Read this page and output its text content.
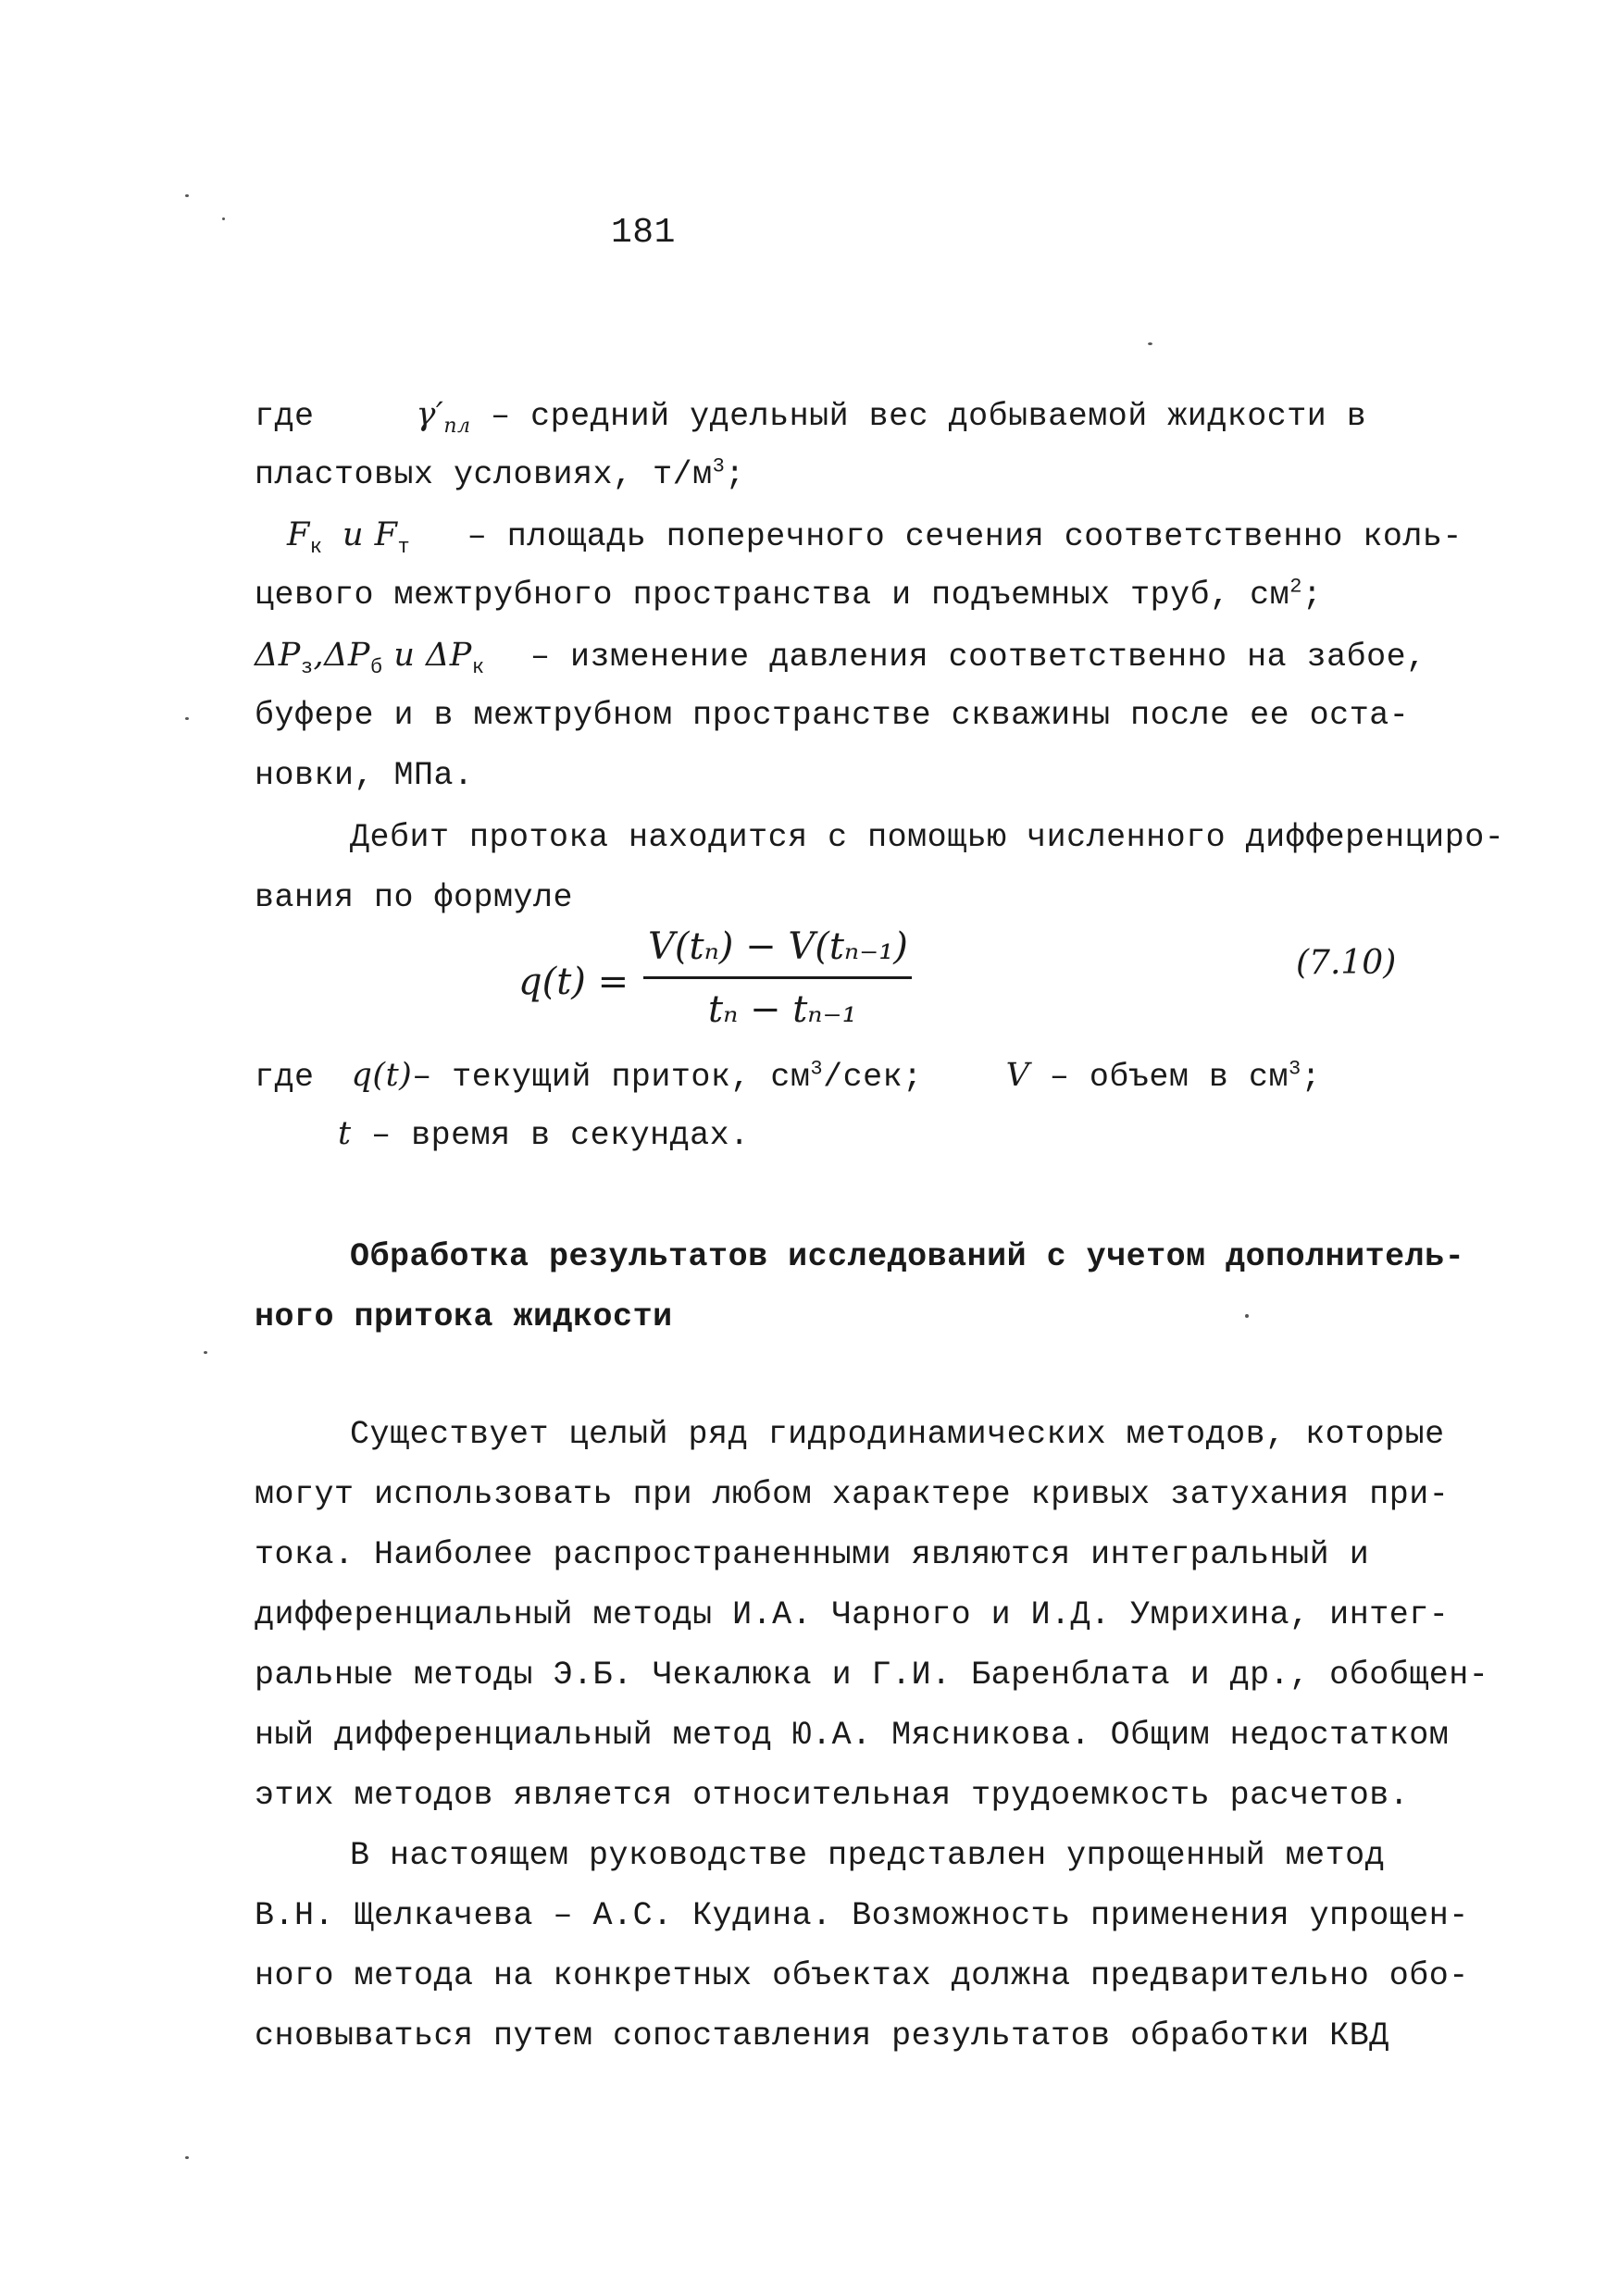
181
где	$\gamma'_{пл}$ – средний удельный вес добываемой жидкости в
пластовых условиях, $т/м^3$;
$F_к$ и $F_т$ – площадь поперечного сечения соответственно коль-
цевого межтрубного пространства и подъемных труб, $см^2$;
$\Delta P_з,\Delta P_б$ и $\Delta P_к$ – изменение давления соответственно на забое,
буфере и в межтрубном пространстве скважины после ее оста-
новки, МПа.
Дебит протока находится с помощью численного дифференциро-
вания по формуле
q(t) =
V(tₙ) − V(tₙ₋₁)
tₙ − tₙ₋₁
(7.10)
где q(t)– текущий приток, $см^3$/сек;	V – объем в $см^3$;
t – время в секундах.
Обработка результатов исследований с учетом дополнитель-
ного притока жидкости
Существует целый ряд гидродинамических методов, которые
могут использовать при любом характере кривых затухания при-
тока. Наиболее распространенными являются интегральный и
дифференциальный методы И.А. Чарного и И.Д. Умрихина, интег-
ральные методы Э.Б. Чекалюка и Г.И. Баренблата и др., обобщен-
ный дифференциальный метод Ю.А. Мясникова. Общим недостатком
этих методов является относительная трудоемкость расчетов.
В настоящем руководстве представлен упрощенный метод
В.Н. Щелкачева – А.С. Кудина. Возможность применения упрощен-
ного метода на конкретных объектах должна предварительно обо-
сновываться путем сопоставления результатов обработки КВД
